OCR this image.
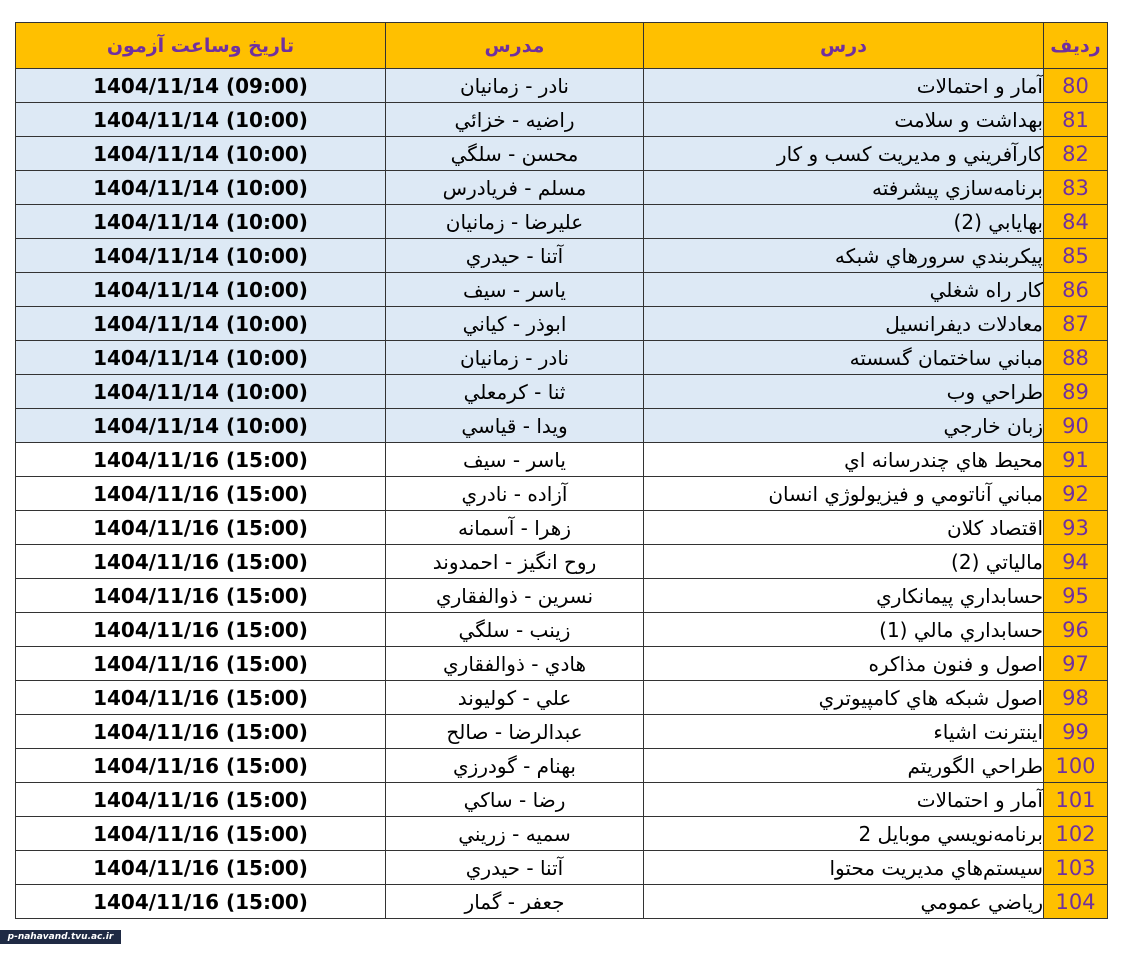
ردیف	درس	مدرس	تاريخ وساعت آزمون
80	آمار و احتمالات	نادر - زمانيان	1404/11/14 (09:00)
81	بهداشت و سلامت	راضيه - خزائي	1404/11/14 (10:00)
82	كارآفريني و مديريت كسب و كار	محسن - سلگي	1404/11/14 (10:00)
83	برنامه‌سازي پيشرفته	مسلم - فريادرس	1404/11/14 (10:00)
84	بهايابي (2)	عليرضا - زمانيان	1404/11/14 (10:00)
85	پيكربندي سرورهاي شبكه	آتنا - حيدري	1404/11/14 (10:00)
86	كار راه شغلي	ياسر - سيف	1404/11/14 (10:00)
87	معادلات ديفرانسيل	ابوذر - كياني	1404/11/14 (10:00)
88	مباني ساختمان گسسته	نادر - زمانيان	1404/11/14 (10:00)
89	طراحي وب	ثنا - كرمعلي	1404/11/14 (10:00)
90	زبان خارجي	ويدا - قياسي	1404/11/14 (10:00)
91	محيط هاي چندرسانه اي	ياسر - سيف	1404/11/16 (15:00)
92	مباني آناتومي و فيزيولوژي انسان	آزاده - نادري	1404/11/16 (15:00)
93	اقتصاد كلان	زهرا - آسمانه	1404/11/16 (15:00)
94	مالياتي (2)	روح انگيز - احمدوند	1404/11/16 (15:00)
95	حسابداري پيمانكاري	نسرين - ذوالفقاري	1404/11/16 (15:00)
96	حسابداري مالي (1)	زينب - سلگي	1404/11/16 (15:00)
97	اصول و فنون مذاكره	هادي - ذوالفقاري	1404/11/16 (15:00)
98	اصول شبكه هاي كامپيوتري	علي - كوليوند	1404/11/16 (15:00)
99	اينترنت اشياء	عبدالرضا - صالح	1404/11/16 (15:00)
100	طراحي الگوريتم	بهنام - گودرزي	1404/11/16 (15:00)
101	آمار و احتمالات	رضا - ساكي	1404/11/16 (15:00)
102	برنامه‌نويسي موبايل 2	سميه - زريني	1404/11/16 (15:00)
103	سيستم‌هاي مديريت محتوا	آتنا - حيدري	1404/11/16 (15:00)
104	رياضي عمومي	جعفر - گمار	1404/11/16 (15:00)
p-nahavand.tvu.ac.ir
